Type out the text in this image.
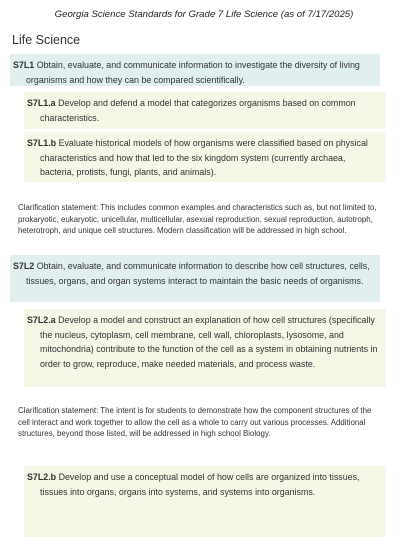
Georgia Science Standards for Grade 7 Life Science (as of 7/17/2025)
Life Science

S7L1 Obtain, evaluate, and communicate information to investigate the diversity of living organisms and how they can be compared scientifically.

S7L1.a Develop and defend a model that categorizes organisms based on common characteristics.

S7L1.b Evaluate historical models of how organisms were classified based on physical characteristics and how that led to the six kingdom system (currently archaea, bacteria, protists, fungi, plants, and animals).

Clarification statement: This includes common examples and characteristics such as, but not limited to, prokaryotic, eukaryotic, unicellular, multicellular, asexual reproduction, sexual reproduction, autotroph, heterotroph, and unique cell structures. Modern classification will be addressed in high school.

S7L2 Obtain, evaluate, and communicate information to describe how cell structures, cells, tissues, organs, and organ systems interact to maintain the basic needs of organisms.

S7L2.a Develop a model and construct an explanation of how cell structures (specifically the nucleus, cytoplasm, cell membrane, cell wall, chloroplasts, lysosome, and mitochondria) contribute to the function of the cell as a system in obtaining nutrients in order to grow, reproduce, make needed materials, and process waste.

Clarification statement: The intent is for students to demonstrate how the component structures of the cell interact and work together to allow the cell as a whole to carry out various processes. Additional structures, beyond those listed, will be addressed in high school Biology.

S7L2.b Develop and use a conceptual model of how cells are organized into tissues, tissues into organs, organs into systems, and systems into organisms.
